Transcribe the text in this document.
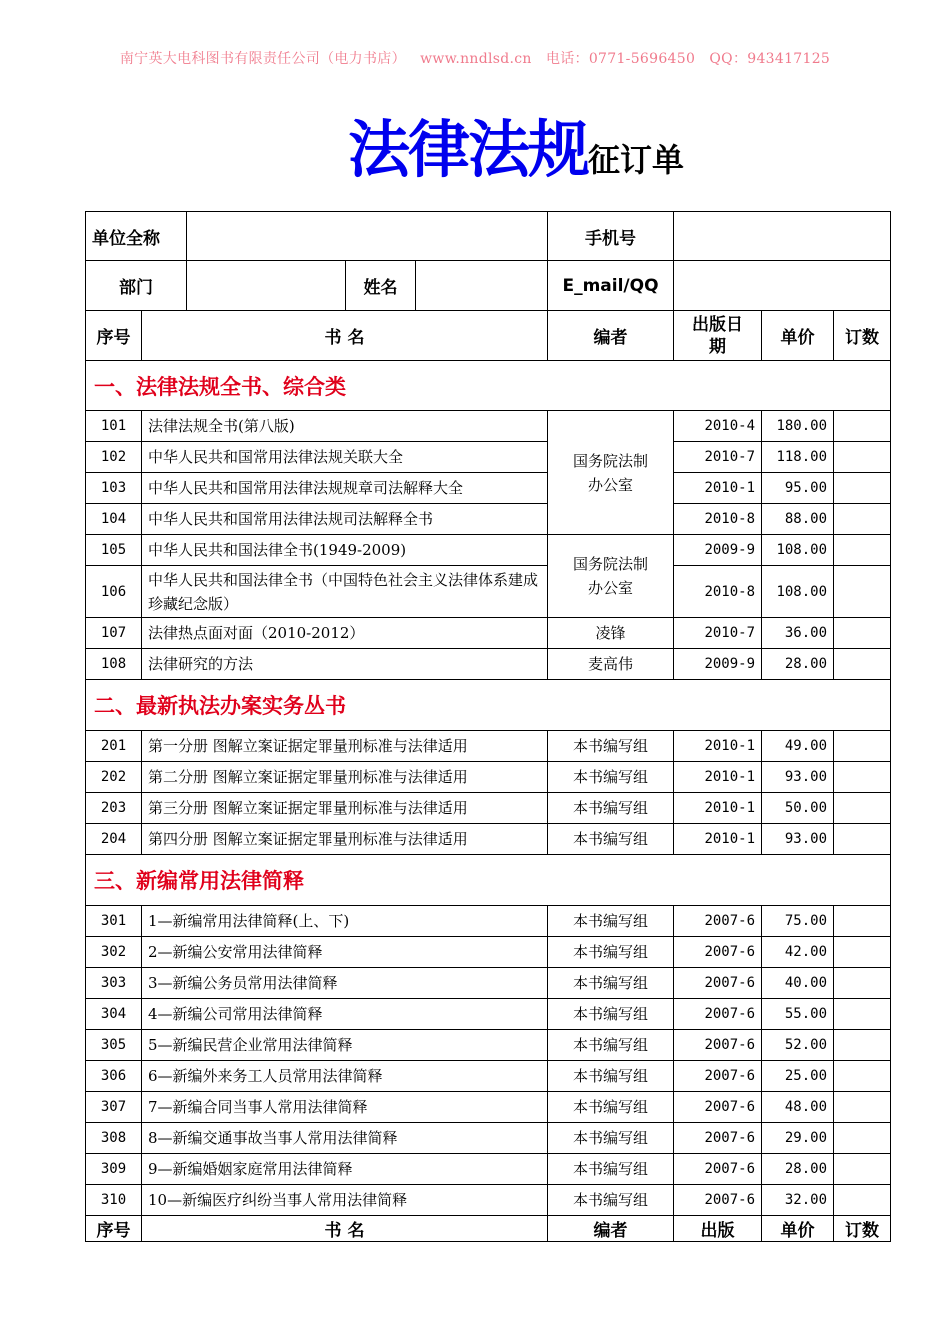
南宁英大电科图书有限责任公司（电力书店）   www.nndlsd.cn   电话：0771-5696450   QQ：943417125
法律法规征订单
单位全称					手机号			
部门			姓名		E_mail/QQ			
序号	书 名				编者	出版日期	单价	订数
一、法律法规全书、综合类								
101	法律法规全书(第八版)				国务院法制办公室	2010-4	180.00	
102	中华人民共和国常用法律法规关联大全					2010-7	118.00	
103	中华人民共和国常用法律法规规章司法解释大全					2010-1	95.00	
104	中华人民共和国常用法律法规司法解释全书					2010-8	88.00	
105	中华人民共和国法律全书(1949-2009)				国务院法制办公室	2009-9	108.00	
106	中华人民共和国法律全书（中国特色社会主义法律体系建成珍藏纪念版）					2010-8	108.00	
107	法律热点面对面（2010-2012）				凌锋	2010-7	36.00	
108	法律研究的方法				麦高伟	2009-9	28.00	
二、最新执法办案实务丛书								
201	第一分册 图解立案证据定罪量刑标准与法律适用				本书编写组	2010-1	49.00	
202	第二分册 图解立案证据定罪量刑标准与法律适用				本书编写组	2010-1	93.00	
203	第三分册 图解立案证据定罪量刑标准与法律适用				本书编写组	2010-1	50.00	
204	第四分册 图解立案证据定罪量刑标准与法律适用				本书编写组	2010-1	93.00	
三、新编常用法律简释								
301	1—新编常用法律简释(上、下)				本书编写组	2007-6	75.00	
302	2—新编公安常用法律简释				本书编写组	2007-6	42.00	
303	3—新编公务员常用法律简释				本书编写组	2007-6	40.00	
304	4—新编公司常用法律简释				本书编写组	2007-6	55.00	
305	5—新编民营企业常用法律简释				本书编写组	2007-6	52.00	
306	6—新编外来务工人员常用法律简释				本书编写组	2007-6	25.00	
307	7—新编合同当事人常用法律简释				本书编写组	2007-6	48.00	
308	8—新编交通事故当事人常用法律简释				本书编写组	2007-6	29.00	
309	9—新编婚姻家庭常用法律简释				本书编写组	2007-6	28.00	
310	10—新编医疗纠纷当事人常用法律简释				本书编写组	2007-6	32.00	
序号	书 名				编者	出版	单价	订数
